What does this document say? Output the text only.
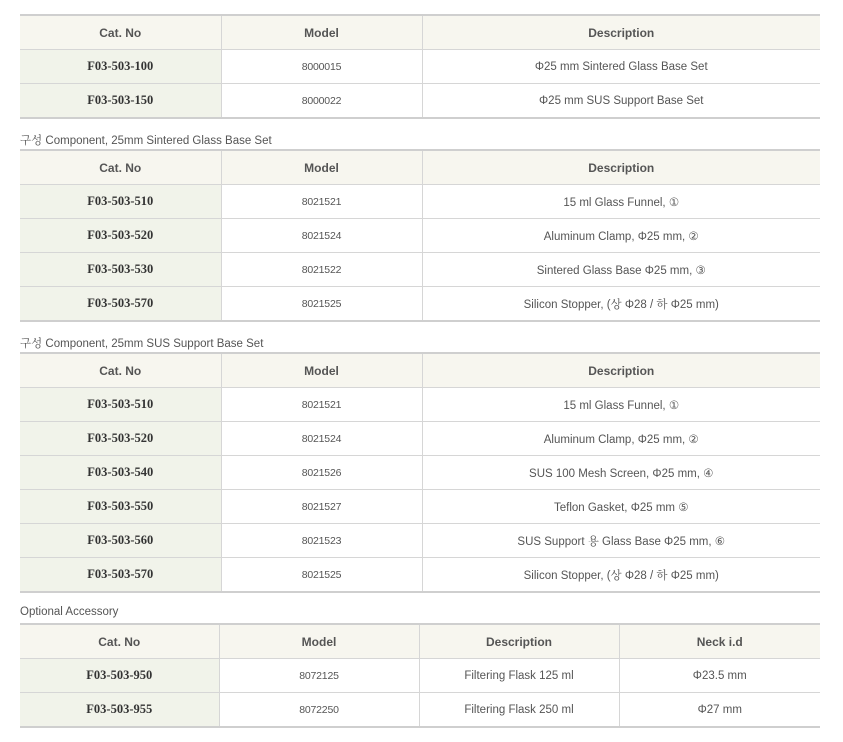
Cat. No	Model	Description
F03-503-100	8000015	Φ25 mm Sintered Glass Base Set
F03-503-150	8000022	Φ25 mm SUS Support Base Set
구성 Component, 25mm Sintered Glass Base Set
Cat. No	Model	Description
F03-503-510	8021521	15 ml Glass Funnel, ①
F03-503-520	8021524	Aluminum Clamp, Φ25 mm, ②
F03-503-530	8021522	Sintered Glass Base Φ25 mm, ③
F03-503-570	8021525	Silicon Stopper, (상 Φ28 / 하 Φ25 mm)
구성 Component, 25mm SUS Support Base Set
Cat. No	Model	Description
F03-503-510	8021521	15 ml Glass Funnel, ①
F03-503-520	8021524	Aluminum Clamp, Φ25 mm, ②
F03-503-540	8021526	SUS 100 Mesh Screen, Φ25 mm, ④
F03-503-550	8021527	Teflon Gasket, Φ25 mm ⑤
F03-503-560	8021523	SUS Support 용 Glass Base Φ25 mm, ⑥
F03-503-570	8021525	Silicon Stopper, (상 Φ28 / 하 Φ25 mm)
Optional Accessory
Cat. No	Model	Description	Neck i.d
F03-503-950	8072125	Filtering Flask 125 ml	Φ23.5 mm
F03-503-955	8072250	Filtering Flask 250 ml	Φ27 mm
